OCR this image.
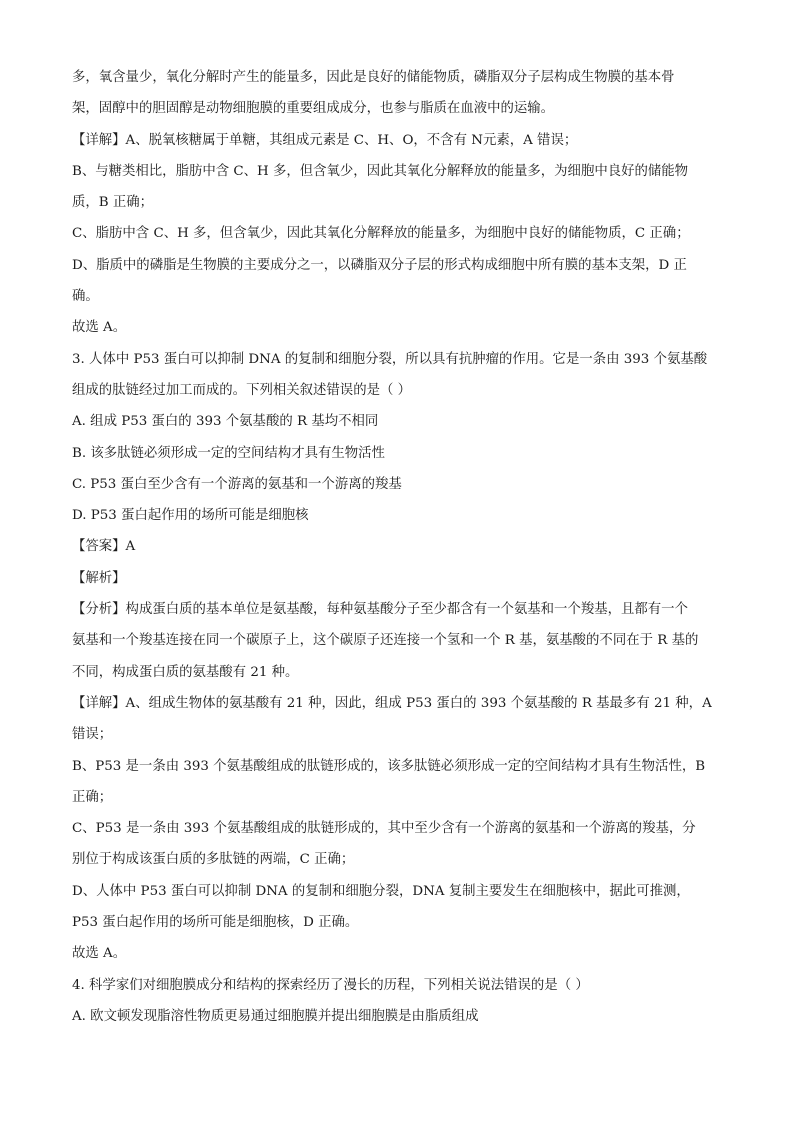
多，氧含量少，氧化分解时产生的能量多，因此是良好的储能物质，磷脂双分子层构成生物膜的基本骨
架，固醇中的胆固醇是动物细胞膜的重要组成成分，也参与脂质在血液中的运输。
【详解】A、脱氧核糖属于单糖，其组成元素是 C、H、O，不含有 N元素，A 错误；
B、与糖类相比，脂肪中含 C、H 多，但含氧少，因此其氧化分解释放的能量多，为细胞中良好的储能物
质，B 正确；
C、脂肪中含 C、H 多，但含氧少，因此其氧化分解释放的能量多，为细胞中良好的储能物质，C 正确；
D、脂质中的磷脂是生物膜的主要成分之一，以磷脂双分子层的形式构成细胞中所有膜的基本支架，D 正
确。
故选 A。
3. 人体中 P53 蛋白可以抑制 DNA 的复制和细胞分裂，所以具有抗肿瘤的作用。它是一条由 393 个氨基酸
组成的肽链经过加工而成的。下列相关叙述错误的是（ ）
A. 组成 P53 蛋白的 393 个氨基酸的 R 基均不相同
B. 该多肽链必须形成一定的空间结构才具有生物活性
C. P53 蛋白至少含有一个游离的氨基和一个游离的羧基
D. P53 蛋白起作用的场所可能是细胞核
【答案】A
【解析】
【分析】构成蛋白质的基本单位是氨基酸，每种氨基酸分子至少都含有一个氨基和一个羧基，且都有一个
氨基和一个羧基连接在同一个碳原子上，这个碳原子还连接一个氢和一个 R 基，氨基酸的不同在于 R 基的
不同，构成蛋白质的氨基酸有 21 种。
【详解】A、组成生物体的氨基酸有 21 种，因此，组成 P53 蛋白的 393 个氨基酸的 R 基最多有 21 种，A
错误；
B、P53 是一条由 393 个氨基酸组成的肽链形成的，该多肽链必须形成一定的空间结构才具有生物活性，B
正确；
C、P53 是一条由 393 个氨基酸组成的肽链形成的，其中至少含有一个游离的氨基和一个游离的羧基，分
别位于构成该蛋白质的多肽链的两端，C 正确；
D、人体中 P53 蛋白可以抑制 DNA 的复制和细胞分裂，DNA 复制主要发生在细胞核中，据此可推测，
P53 蛋白起作用的场所可能是细胞核，D 正确。
故选 A。
4. 科学家们对细胞膜成分和结构的探索经历了漫长的历程，下列相关说法错误的是（ ）
A. 欧文顿发现脂溶性物质更易通过细胞膜并提出细胞膜是由脂质组成
